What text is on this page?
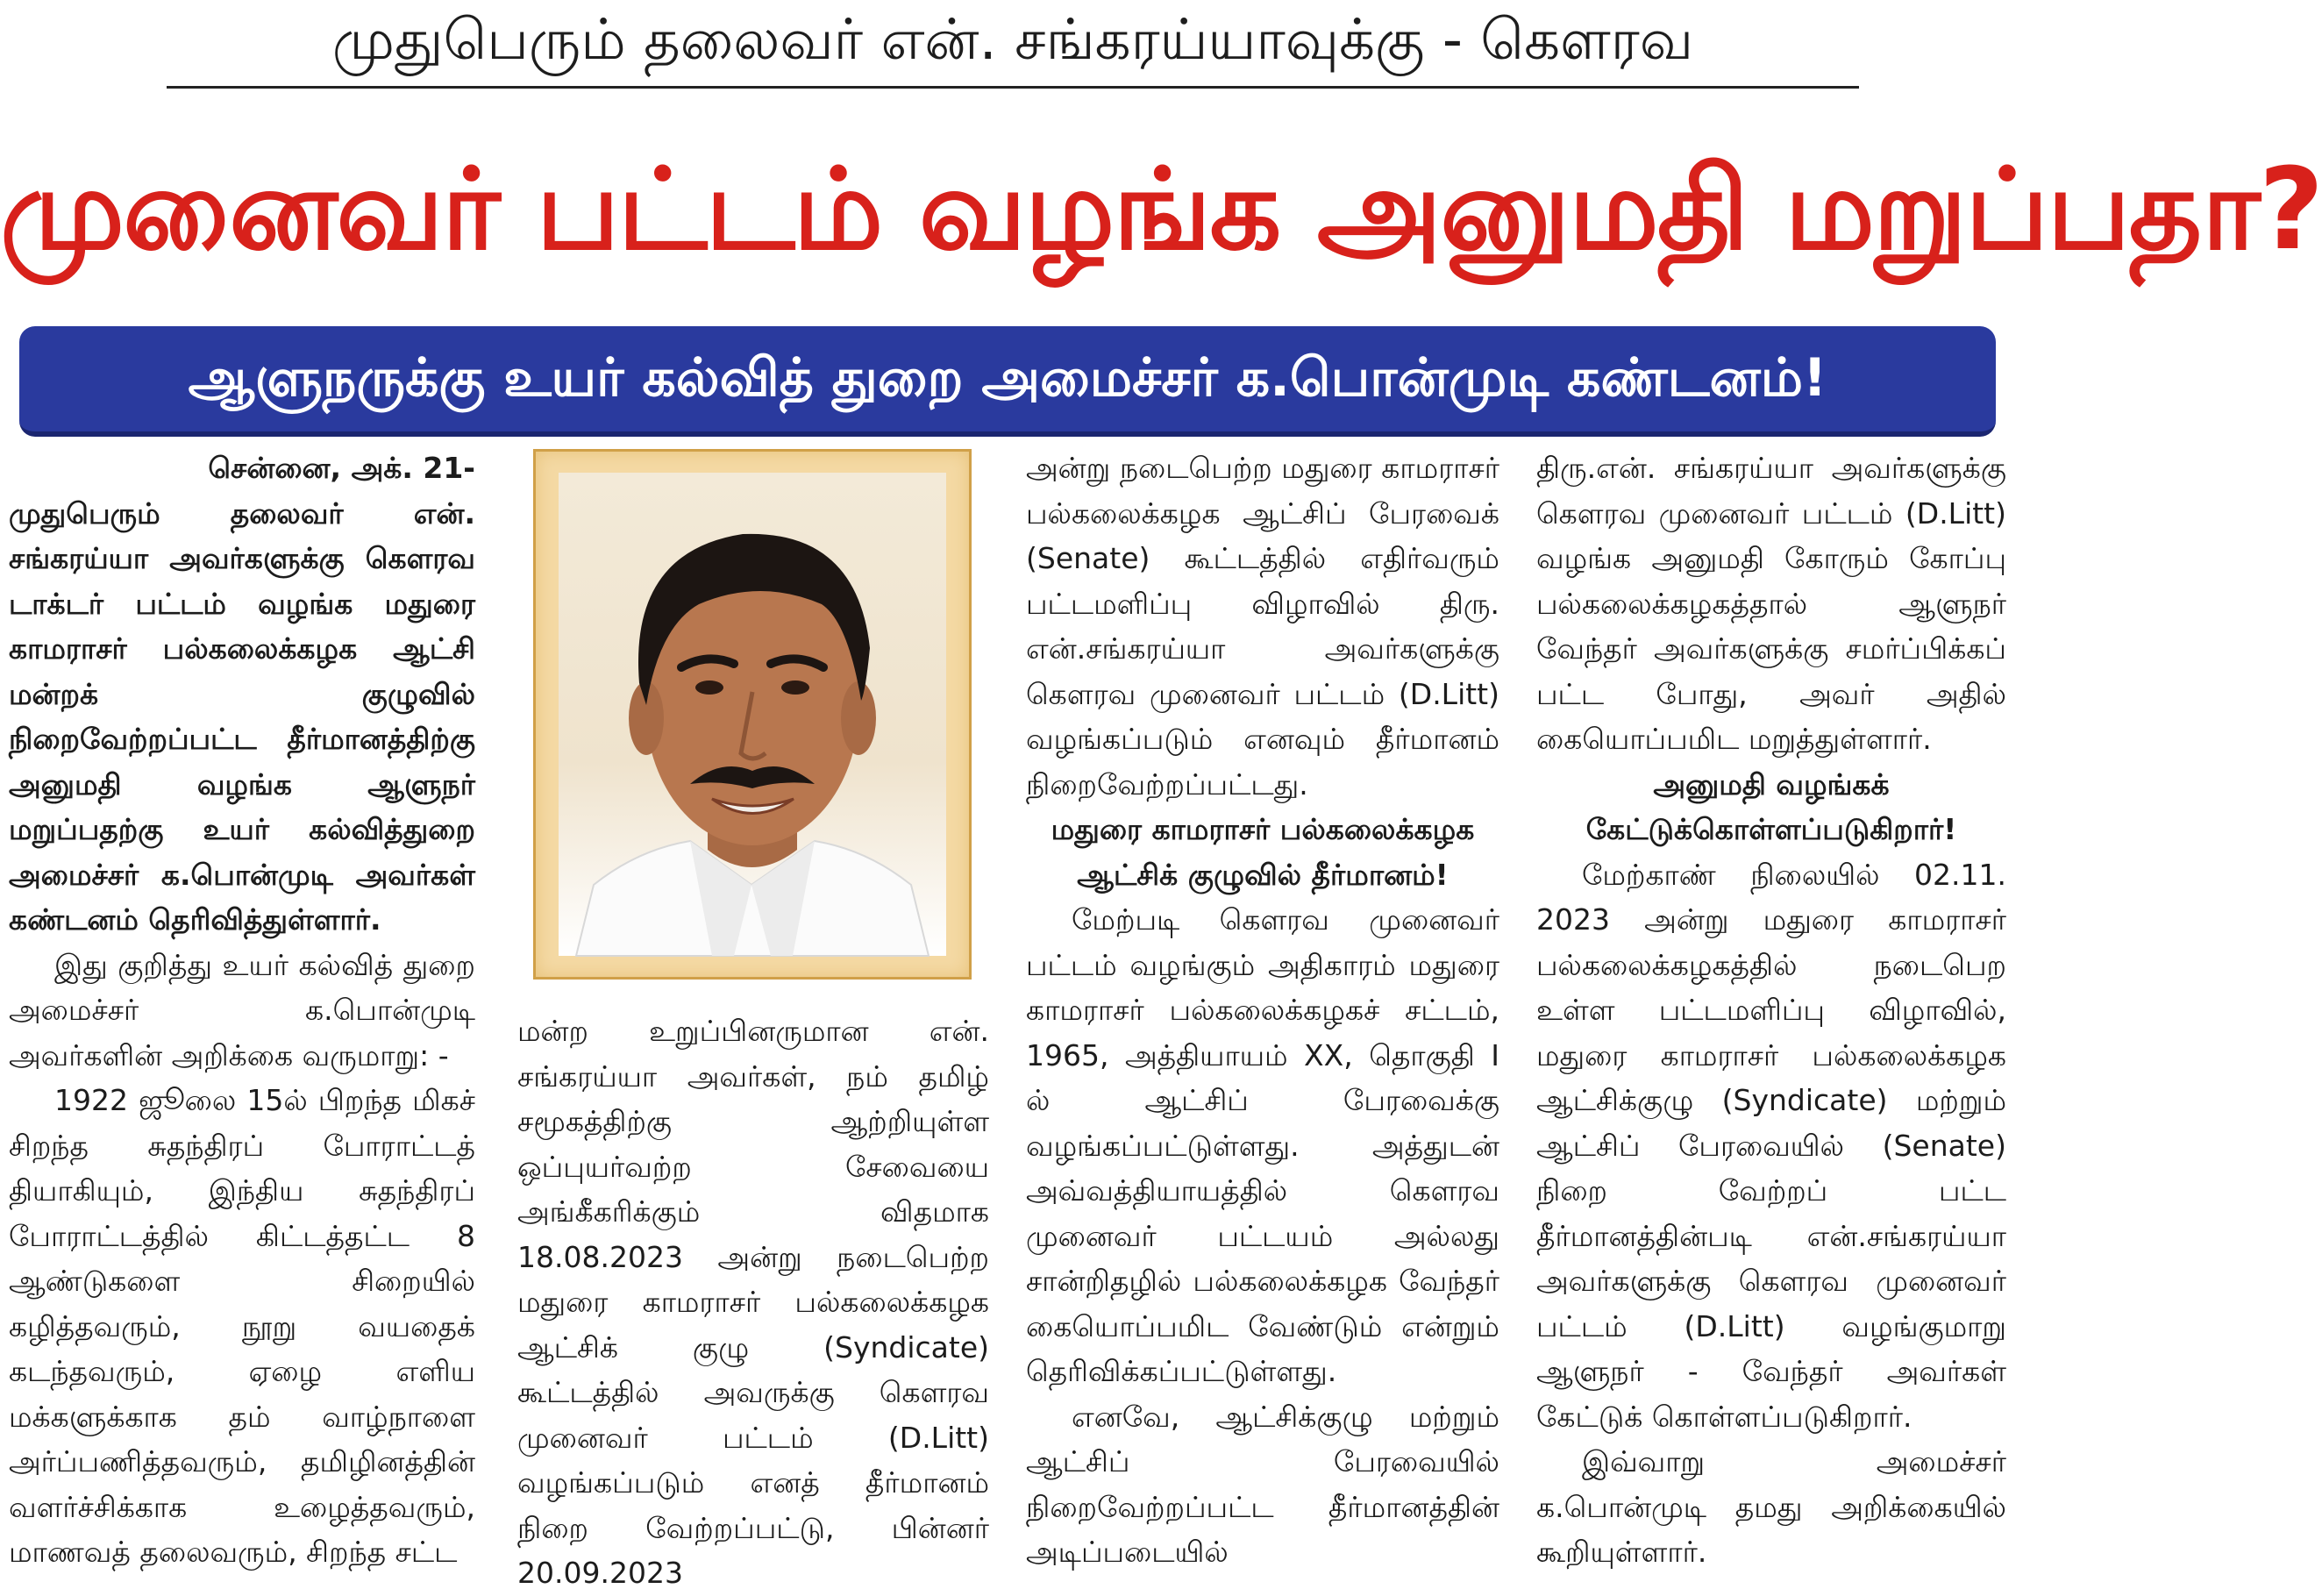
முதுபெரும் தலைவர் என். சங்கரய்யாவுக்கு - கௌரவ
முனைவர் பட்டம் வழங்க அனுமதி மறுப்பதா?
ஆளுநருக்கு உயர் கல்வித் துறை அமைச்சர் க.பொன்முடி கண்டனம்!

சென்னை, அக். 21-

முதுபெரும் தலைவர் என். சங்கரய்யா அவர்களுக்கு கௌரவ டாக்டர் பட்டம் வழங்க மதுரை காமராசர் பல்கலைக்கழக ஆட்சி மன்றக் குழுவில் நிறைவேற்றப்பட்ட தீர்மானத்திற்கு அனுமதி வழங்க ஆளுநர் மறுப்பதற்கு உயர் கல்வித்துறை அமைச்சர் க.பொன்முடி அவர்கள் கண்டனம் தெரிவித்துள்ளார்.

இது குறித்து உயர் கல்வித் துறை அமைச்சர் க.பொன்முடி அவர்களின் அறிக்கை வருமாறு: -

1922 ஜூலை 15ல் பிறந்த மிகச் சிறந்த சுதந்திரப் போராட்டத் தியாகியும், இந்திய சுதந்திரப் போராட்டத்தில் கிட்டத்தட்ட 8 ஆண்டுகளை சிறையில் கழித்தவரும், நூறு வயதைக் கடந்தவரும், ஏழை எளிய மக்களுக்காக தம் வாழ்நாளை அர்ப்பணித்தவரும், தமிழினத்தின் வளர்ச்சிக்காக உழைத்தவரும், மாணவத் தலைவரும், சிறந்த சட்ட

மன்ற உறுப்பினருமான என். சங்கரய்யா அவர்கள், நம் தமிழ் சமூகத்திற்கு ஆற்றியுள்ள ஒப்புயர்வற்ற சேவையை அங்கீகரிக்கும் விதமாக 18.08.2023 அன்று நடைபெற்ற மதுரை காமராசர் பல்கலைக்கழக ஆட்சிக் குழு (Syndicate) கூட்டத்தில் அவருக்கு கௌரவ முனைவர் பட்டம் (D.Litt) வழங்கப்படும் எனத் தீர்மானம் நிறை வேற்றப்பட்டு, பின்னர் 20.09.2023

அன்று நடைபெற்ற மதுரை காமராசர் பல்கலைக்கழக ஆட்சிப் பேரவைக் (Senate) கூட்டத்தில் எதிர்வரும் பட்டமளிப்பு விழாவில் திரு. என்.சங்கரய்யா அவர்களுக்கு கௌரவ முனைவர் பட்டம் (D.Litt) வழங்கப்படும் எனவும் தீர்மானம் நிறைவேற்றப்பட்டது.

மதுரை காமராசர் பல்கலைக்கழக ஆட்சிக் குழுவில் தீர்மானம்!

மேற்படி கௌரவ முனைவர் பட்டம் வழங்கும் அதிகாரம் மதுரை காமராசர் பல்கலைக்கழகச் சட்டம், 1965, அத்தியாயம் XX, தொகுதி I ல் ஆட்சிப் பேரவைக்கு வழங்கப்பட்டுள்ளது. அத்துடன் அவ்வத்தியாயத்தில் கௌரவ முனைவர் பட்டயம் அல்லது சான்றிதழில் பல்கலைக்கழக வேந்தர் கையொப்பமிட வேண்டும் என்றும் தெரிவிக்கப்பட்டுள்ளது.

எனவே, ஆட்சிக்குழு மற்றும் ஆட்சிப் பேரவையில் நிறைவேற்றப்பட்ட தீர்மானத்தின் அடிப்படையில்

திரு.என். சங்கரய்யா அவர்களுக்கு கௌரவ முனைவர் பட்டம் (D.Litt) வழங்க அனுமதி கோரும் கோப்பு பல்கலைக்கழகத்தால் ஆளுநர் வேந்தர் அவர்களுக்கு சமர்ப்பிக்கப் பட்ட போது, அவர் அதில் கையொப்பமிட மறுத்துள்ளார்.

அனுமதி வழங்கக் கேட்டுக்கொள்ளப்படுகிறார்!

மேற்காண் நிலையில் 02.11. 2023 அன்று மதுரை காமராசர் பல்கலைக்கழகத்தில் நடைபெற உள்ள பட்டமளிப்பு விழாவில், மதுரை காமராசர் பல்கலைக்கழக ஆட்சிக்குழு (Syndicate) மற்றும் ஆட்சிப் பேரவையில் (Senate) நிறை வேற்றப் பட்ட தீர்மானத்தின்படி என்.சங்கரய்யா அவர்களுக்கு கௌரவ முனைவர் பட்டம் (D.Litt) வழங்குமாறு ஆளுநர் - வேந்தர் அவர்கள் கேட்டுக் கொள்ளப்படுகிறார்.

இவ்வாறு அமைச்சர் க.பொன்முடி தமது அறிக்கையில் கூறியுள்ளார்.
